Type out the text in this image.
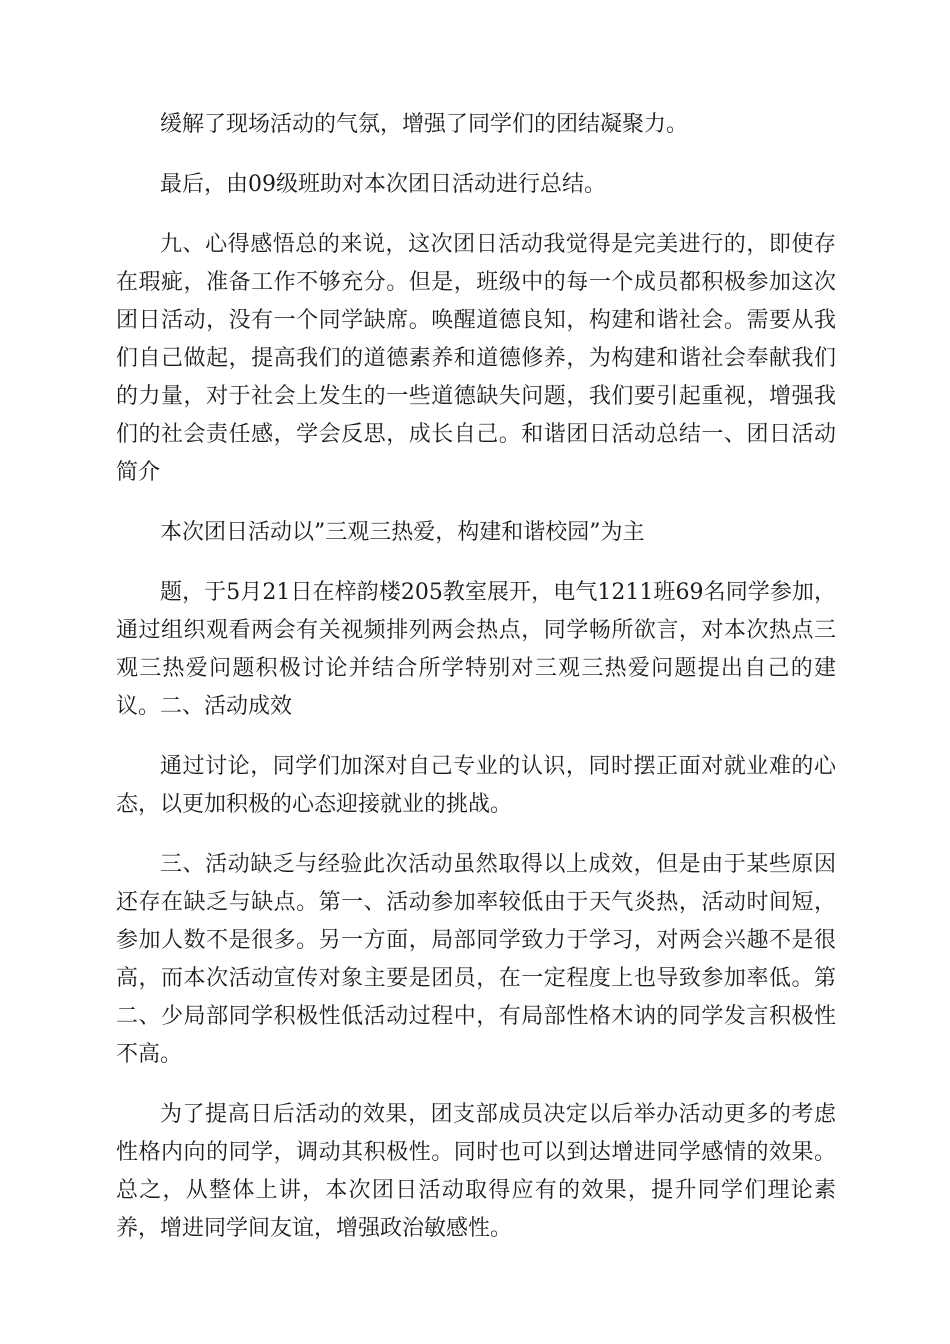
缓解了现场活动的气氛，增强了同学们的团结凝聚力。

最后，由09级班助对本次团日活动进行总结。

九、心得感悟总的来说，这次团日活动我觉得是完美进行的，即使存在瑕疵，准备工作不够充分。但是，班级中的每一个成员都积极参加这次团日活动，没有一个同学缺席。唤醒道德良知，构建和谐社会。需要从我们自己做起，提高我们的道德素养和道德修养，为构建和谐社会奉献我们的力量，对于社会上发生的一些道德缺失问题，我们要引起重视，增强我们的社会责任感，学会反思，成长自己。和谐团日活动总结一、团日活动简介

本次团日活动以”三观三热爱，构建和谐校园”为主

题，于5月21日在梓韵楼205教室展开，电气1211班69名同学参加，通过组织观看两会有关视频排列两会热点，同学畅所欲言，对本次热点三观三热爱问题积极讨论并结合所学特别对三观三热爱问题提出自己的建议。二、活动成效

通过讨论，同学们加深对自己专业的认识，同时摆正面对就业难的心态，以更加积极的心态迎接就业的挑战。

三、活动缺乏与经验此次活动虽然取得以上成效，但是由于某些原因还存在缺乏与缺点。第一、活动参加率较低由于天气炎热，活动时间短，参加人数不是很多。另一方面，局部同学致力于学习，对两会兴趣不是很高，而本次活动宣传对象主要是团员，在一定程度上也导致参加率低。第二、少局部同学积极性低活动过程中，有局部性格木讷的同学发言积极性不高。

为了提高日后活动的效果，团支部成员决定以后举办活动更多的考虑性格内向的同学，调动其积极性。同时也可以到达增进同学感情的效果。总之，从整体上讲，本次团日活动取得应有的效果，提升同学们理论素养，增进同学间友谊，增强政治敏感性。
